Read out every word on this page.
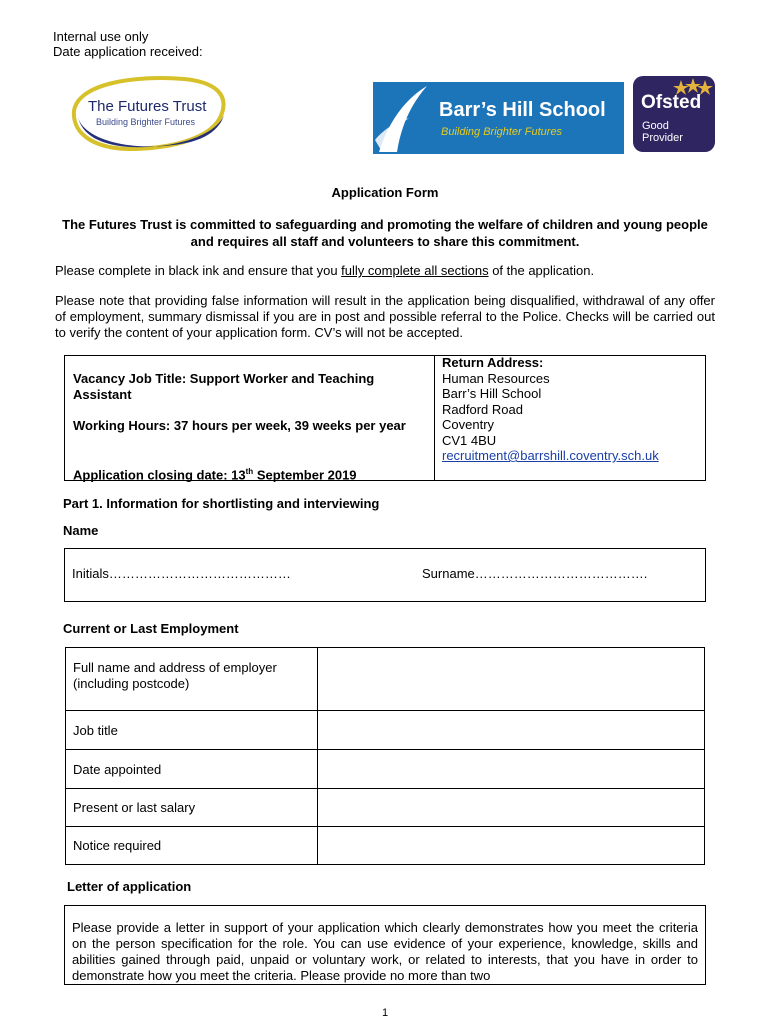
Internal use only
Date application received:
The Futures Trust
Building Brighter Futures
Barr’s Hill School
Building Brighter Futures
Ofsted
Good
Provider
Application Form
The Futures Trust is committed to safeguarding and promoting the welfare of children and young people and requires all staff and volunteers to share this commitment.
Please complete in black ink and ensure that you fully complete all sections of the application.
Please note that providing false information will result in the application being disqualified, withdrawal of any offer of employment, summary dismissal if you are in post and possible referral to the Police. Checks will be carried out to verify the content of your application form. CV’s will not be accepted.
Vacancy Job Title: Support Worker and Teaching Assistant
Working Hours: 37 hours per week, 39 weeks per year
Application closing date: 13th September 2019
Return Address:
Human Resources
Barr’s Hill School
Radford Road
Coventry
CV1 4BU
recruitment@barrshill.coventry.sch.uk
Part 1. Information for shortlisting and interviewing
Name
Initials……………………………………	Surname………………………………….
Current or Last Employment
Full name and address of employer (including postcode)	
Job title	
Date appointed	
Present or last salary	
Notice required	
Letter of application
Please provide a letter in support of your application which clearly demonstrates how you meet the criteria on the person specification for the role. You can use evidence of your experience, knowledge, skills and abilities gained through paid, unpaid or voluntary work, or related to interests, that you have in order to demonstrate how you meet the criteria. Please provide no more than two
1
